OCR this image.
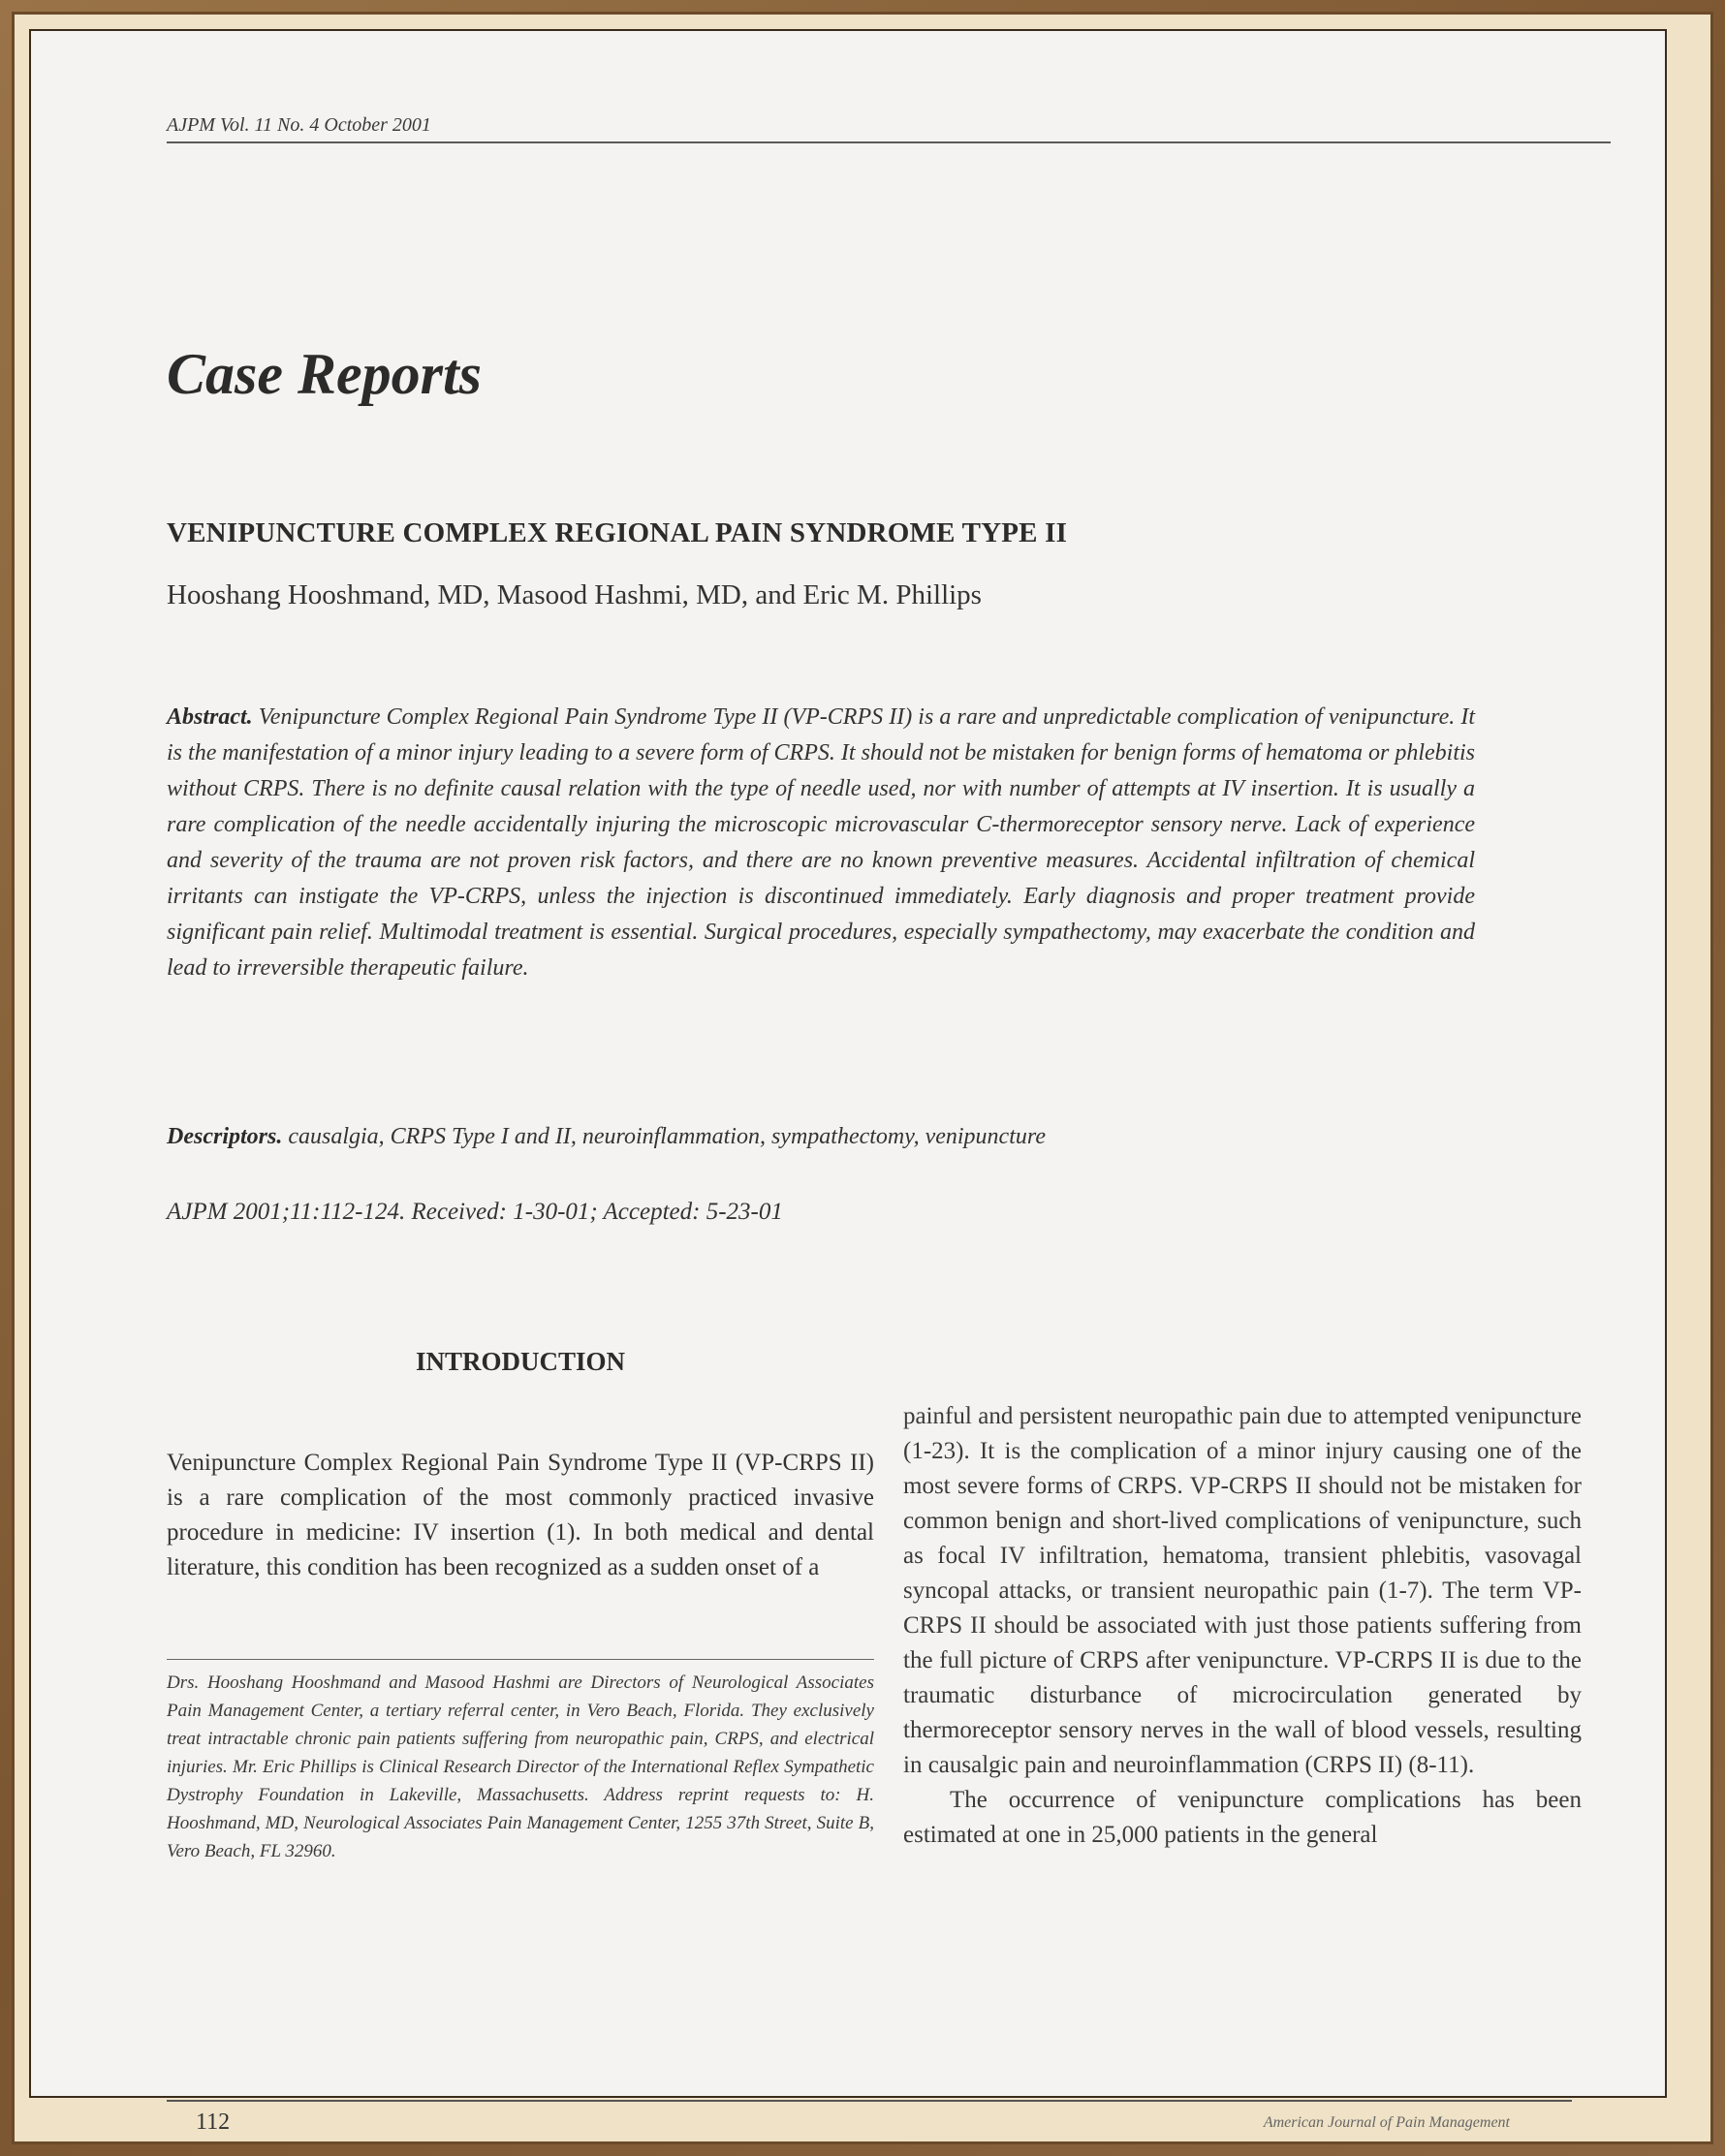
AJPM Vol. 11 No. 4 October 2001
Case Reports
VENIPUNCTURE COMPLEX REGIONAL PAIN SYNDROME TYPE II
Hooshang Hooshmand, MD, Masood Hashmi, MD, and Eric M. Phillips

Abstract. Venipuncture Complex Regional Pain Syndrome Type II (VP-CRPS II) is a rare and unpredictable complication of venipuncture. It is the manifestation of a minor injury leading to a severe form of CRPS. It should not be mistaken for benign forms of hematoma or phlebitis without CRPS. There is no definite causal relation with the type of needle used, nor with number of attempts at IV insertion. It is usually a rare complication of the needle accidentally injuring the microscopic microvascular C-thermoreceptor sensory nerve. Lack of experience and severity of the trauma are not proven risk factors, and there are no known preventive measures. Accidental infiltration of chemical irritants can instigate the VP-CRPS, unless the injection is discontinued immediately. Early diagnosis and proper treatment provide significant pain relief. Multimodal treatment is essential. Surgical procedures, especially sympathectomy, may exacerbate the condition and lead to irreversible therapeutic failure.

Descriptors. causalgia, CRPS Type I and II, neuroinflammation, sympathectomy, venipuncture

AJPM 2001;11:112-124. Received: 1-30-01; Accepted: 5-23-01

INTRODUCTION

Venipuncture Complex Regional Pain Syndrome Type II (VP-CRPS II) is a rare complication of the most commonly practiced invasive procedure in medicine: IV insertion (1). In both medical and dental literature, this condition has been recognized as a sudden onset of a

Drs. Hooshang Hooshmand and Masood Hashmi are Directors of Neurological Associates Pain Management Center, a tertiary referral center, in Vero Beach, Florida. They exclusively treat intractable chronic pain patients suffering from neuropathic pain, CRPS, and electrical injuries. Mr. Eric Phillips is Clinical Research Director of the International Reflex Sympathetic Dystrophy Foundation in Lakeville, Massachusetts. Address reprint requests to: H. Hooshmand, MD, Neurological Associates Pain Management Center, 1255 37th Street, Suite B, Vero Beach, FL 32960.

painful and persistent neuropathic pain due to attempted venipuncture (1-23). It is the complication of a minor injury causing one of the most severe forms of CRPS. VP-CRPS II should not be mistaken for common benign and short-lived complications of venipuncture, such as focal IV infiltration, hematoma, transient phlebitis, vasovagal syncopal attacks, or transient neuropathic pain (1-7). The term VP-CRPS II should be associated with just those patients suffering from the full picture of CRPS after venipuncture. VP-CRPS II is due to the traumatic disturbance of microcirculation generated by thermoreceptor sensory nerves in the wall of blood vessels, resulting in causalgic pain and neuroinflammation (CRPS II) (8-11).
The occurrence of venipuncture complications has been estimated at one in 25,000 patients in the general

112	American Journal of Pain Management
